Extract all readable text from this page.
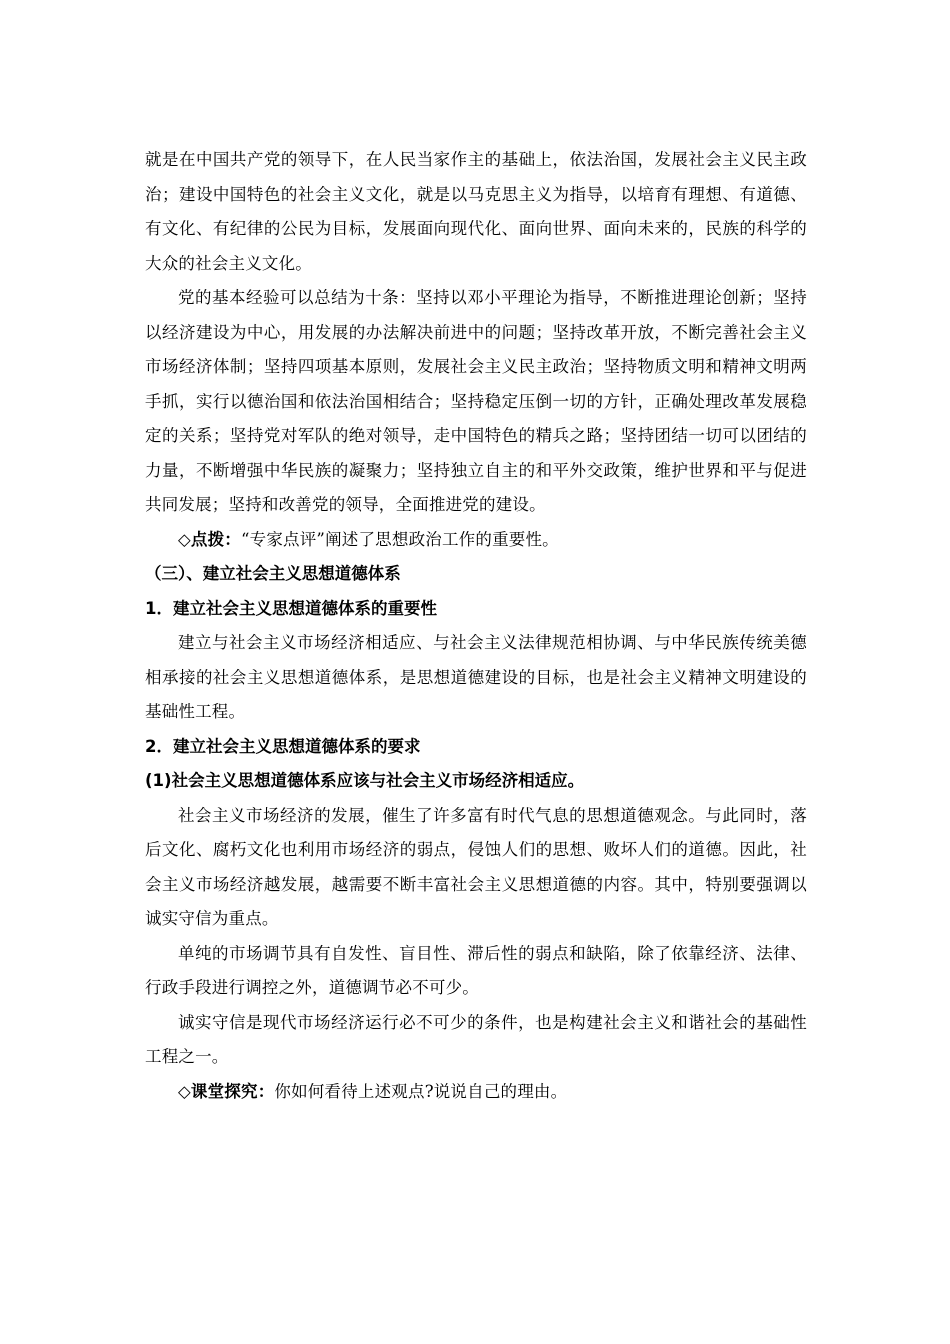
就是在中国共产党的领导下，在人民当家作主的基础上，依法治国，发展社会主义民主政治；建设中国特色的社会主义文化，就是以马克思主义为指导，以培育有理想、有道德、有文化、有纪律的公民为目标，发展面向现代化、面向世界、面向未来的，民族的科学的大众的社会主义文化。

党的基本经验可以总结为十条：坚持以邓小平理论为指导，不断推进理论创新；坚持以经济建设为中心，用发展的办法解决前进中的问题；坚持改革开放，不断完善社会主义市场经济体制；坚持四项基本原则，发展社会主义民主政治；坚持物质文明和精神文明两手抓，实行以德治国和依法治国相结合；坚持稳定压倒一切的方针，正确处理改革发展稳定的关系；坚持党对军队的绝对领导，走中国特色的精兵之路；坚持团结一切可以团结的力量，不断增强中华民族的凝聚力；坚持独立自主的和平外交政策，维护世界和平与促进共同发展；坚持和改善党的领导，全面推进党的建设。

◇点拨：“专家点评”阐述了思想政治工作的重要性。

（三）、建立社会主义思想道德体系

1．建立社会主义思想道德体系的重要性

建立与社会主义市场经济相适应、与社会主义法律规范相协调、与中华民族传统美德相承接的社会主义思想道德体系，是思想道德建设的目标，也是社会主义精神文明建设的基础性工程。

2．建立社会主义思想道德体系的要求

(1)社会主义思想道德体系应该与社会主义市场经济相适应。

社会主义市场经济的发展，催生了许多富有时代气息的思想道德观念。与此同时，落后文化、腐朽文化也利用市场经济的弱点，侵蚀人们的思想、败坏人们的道德。因此，社会主义市场经济越发展，越需要不断丰富社会主义思想道德的内容。其中，特别要强调以诚实守信为重点。

单纯的市场调节具有自发性、盲目性、滞后性的弱点和缺陷，除了依靠经济、法律、行政手段进行调控之外，道德调节必不可少。

诚实守信是现代市场经济运行必不可少的条件，也是构建社会主义和谐社会的基础性工程之一。

◇课堂探究：你如何看待上述观点?说说自己的理由。
